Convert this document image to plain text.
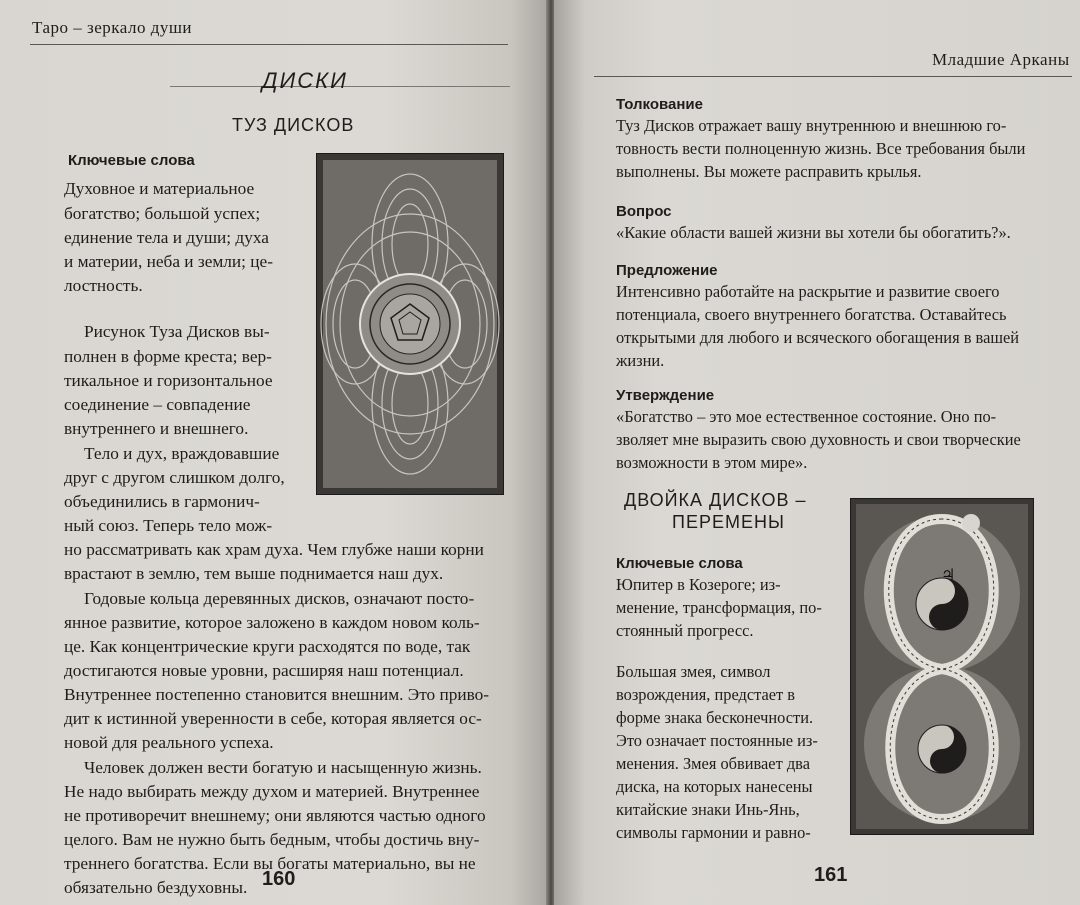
Таро – зеркало души
ДИСКИ
ТУЗ ДИСКОВ
Ключевые слова
Духовное и материальное
богатство; большой успех;
единение тела и души; духа
и материи, неба и земли; це-
лостность.
Рисунок Туза Дисков вы-
полнен в форме креста; вер-
тикальное и горизонтальное
соединение – совпадение
внутреннего и внешнего.
Тело и дух, враждовавшие
друг с другом слишком долго,
объединились в гармонич-
ный союз. Теперь тело мож-
но рассматривать как храм духа. Чем глубже наши корни
врастают в землю, тем выше поднимается наш дух.
Годовые кольца деревянных дисков, означают посто-
янное развитие, которое заложено в каждом новом коль-
це. Как концентрические круги расходятся по воде, так
достигаются новые уровни, расширяя наш потенциал.
Внутреннее постепенно становится внешним. Это приво-
дит к истинной уверенности в себе, которая является ос-
новой для реального успеха.
Человек должен вести богатую и насыщенную жизнь.
Не надо выбирать между духом и материей. Внутреннее
не противоречит внешнему; они являются частью одного
целого. Вам не нужно быть бедным, чтобы достичь вну-
треннего богатства. Если вы богаты материально, вы не
обязательно бездуховны. 160
Младшие Арканы
Толкование
Туз Дисков отражает вашу внутреннюю и внешнюю го-
товность вести полноценную жизнь. Все требования были
выполнены. Вы можете расправить крылья.
Вопрос
«Какие области вашей жизни вы хотели бы обогатить?».
Предложение
Интенсивно работайте на раскрытие и развитие своего
потенциала, своего внутреннего богатства. Оставайтесь
открытыми для любого и всяческого обогащения в вашей
жизни.
Утверждение
«Богатство – это мое естественное состояние. Оно по-
зволяет мне выразить свою духовность и свои творческие
возможности в этом мире».
ДВОЙКА ДИСКОВ –
ПЕРЕМЕНЫ
Ключевые слова
Юпитер в Козероге; из-
менение, трансформация, по-
стоянный прогресс.
Большая змея, символ
возрождения, предстает в
форме знака бесконечности.
Это означает постоянные из-
менения. Змея обвивает два
диска, на которых нанесены
китайские знаки Инь-Янь,
символы гармонии и равно-
♃
161
